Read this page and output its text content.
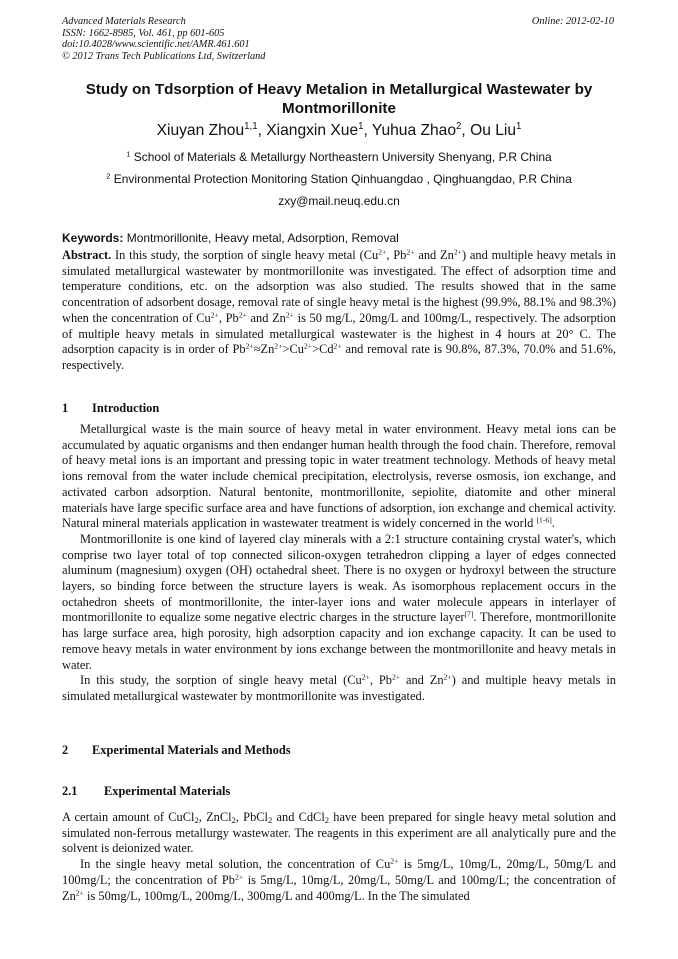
Advanced Materials Research
ISSN: 1662-8985, Vol. 461, pp 601-605
doi:10.4028/www.scientific.net/AMR.461.601
© 2012 Trans Tech Publications Ltd, Switzerland
Online: 2012-02-10
Study on Tdsorption of Heavy Metalion in Metallurgical Wastewater by
Montmorillonite
Xiuyan Zhou$^{1,1}$, Xiangxin Xue$^1$, Yuhua Zhao$^2$, Ou Liu$^1$
$^1$ School of Materials & Metallurgy Northeastern University Shenyang, P.R China
$^2$ Environmental Protection Monitoring Station Qinhuangdao , Qinghuangdao, P.R China
zxy@mail.neuq.edu.cn
Keywords: Montmorillonite, Heavy metal, Adsorption, Removal

Abstract. In this study, the sorption of single heavy metal ($Cu^{2+}$, $Pb^{2+}$ and $Zn^{2+}$) and multiple heavy metals in simulated metallurgical wastewater by montmorillonite was investigated. The effect of adsorption time and temperature conditions, etc. on the adsorption was also studied. The results showed that in the same concentration of adsorbent dosage, removal rate of single heavy metal is the highest (99.9%, 88.1% and 98.3%) when the concentration of $Cu^{2+}$, $Pb^{2+}$ and $Zn^{2+}$ is 50 mg/L, 20mg/L and 100mg/L, respectively. The adsorption of multiple heavy metals in simulated metallurgical wastewater is the highest in 4 hours at 20° C. The adsorption capacity is in order of $Pb^{2+}\approx Zn^{2+}>Cu^{2+}>Cd^{2+}$ and removal rate is 90.8%, 87.3%, 70.0% and 51.6%, respectively.

1 Introduction

Metallurgical waste is the main source of heavy metal in water environment. Heavy metal ions can be accumulated by aquatic organisms and then endanger human health through the food chain. Therefore, removal of heavy metal ions is an important and pressing topic in water treatment technology. Methods of heavy metal ions removal from the water include chemical precipitation, electrolysis, reverse osmosis, ion exchange, and activated carbon adsorption. Natural bentonite, montmorillonite, sepiolite, diatomite and other mineral materials have large specific surface area and have functions of adsorption, ion exchange and chemical activity. Natural mineral materials application in wastewater treatment is widely concerned in the world [1-6].

Montmorillonite is one kind of layered clay minerals with a 2:1 structure containing crystal water's, which comprise two layer total of top connected silicon-oxygen tetrahedron clipping a layer of edges connected aluminum (magnesium) oxygen (OH) octahedral sheet. There is no oxygen or hydroxyl between the structure layers, so binding force between the structure layers is weak. As isomorphous replacement occurs in the octahedron sheets of montmorillonite, the inter-layer ions and water molecule appears in interlayer of montmorillonite to equalize some negative electric charges in the structure layer[7]. Therefore, montmorillonite has large surface area, high porosity, high adsorption capacity and ion exchange capacity. It can be used to remove heavy metals in water environment by ions exchange between the montmorillonite and heavy metals in water.

In this study, the sorption of single heavy metal ($Cu^{2+}$, $Pb^{2+}$ and $Zn^{2+}$) and multiple heavy metals in simulated metallurgical wastewater by montmorillonite was investigated.

2 Experimental Materials and Methods
2.1 Experimental Materials

A certain amount of CuCl$_2$, ZnCl$_2$, PbCl$_2$ and CdCl$_2$ have been prepared for single heavy metal solution and simulated non-ferrous metallurgy wastewater. The reagents in this experiment are all analytically pure and the solvent is deionized water.

In the single heavy metal solution, the concentration of $Cu^{2+}$ is 5mg/L, 10mg/L, 20mg/L, 50mg/L and 100mg/L; the concentration of $Pb^{2+}$ is 5mg/L, 10mg/L, 20mg/L, 50mg/L and 100mg/L; the concentration of $Zn^{2+}$ is 50mg/L, 100mg/L, 200mg/L, 300mg/L and 400mg/L. In the The simulated
